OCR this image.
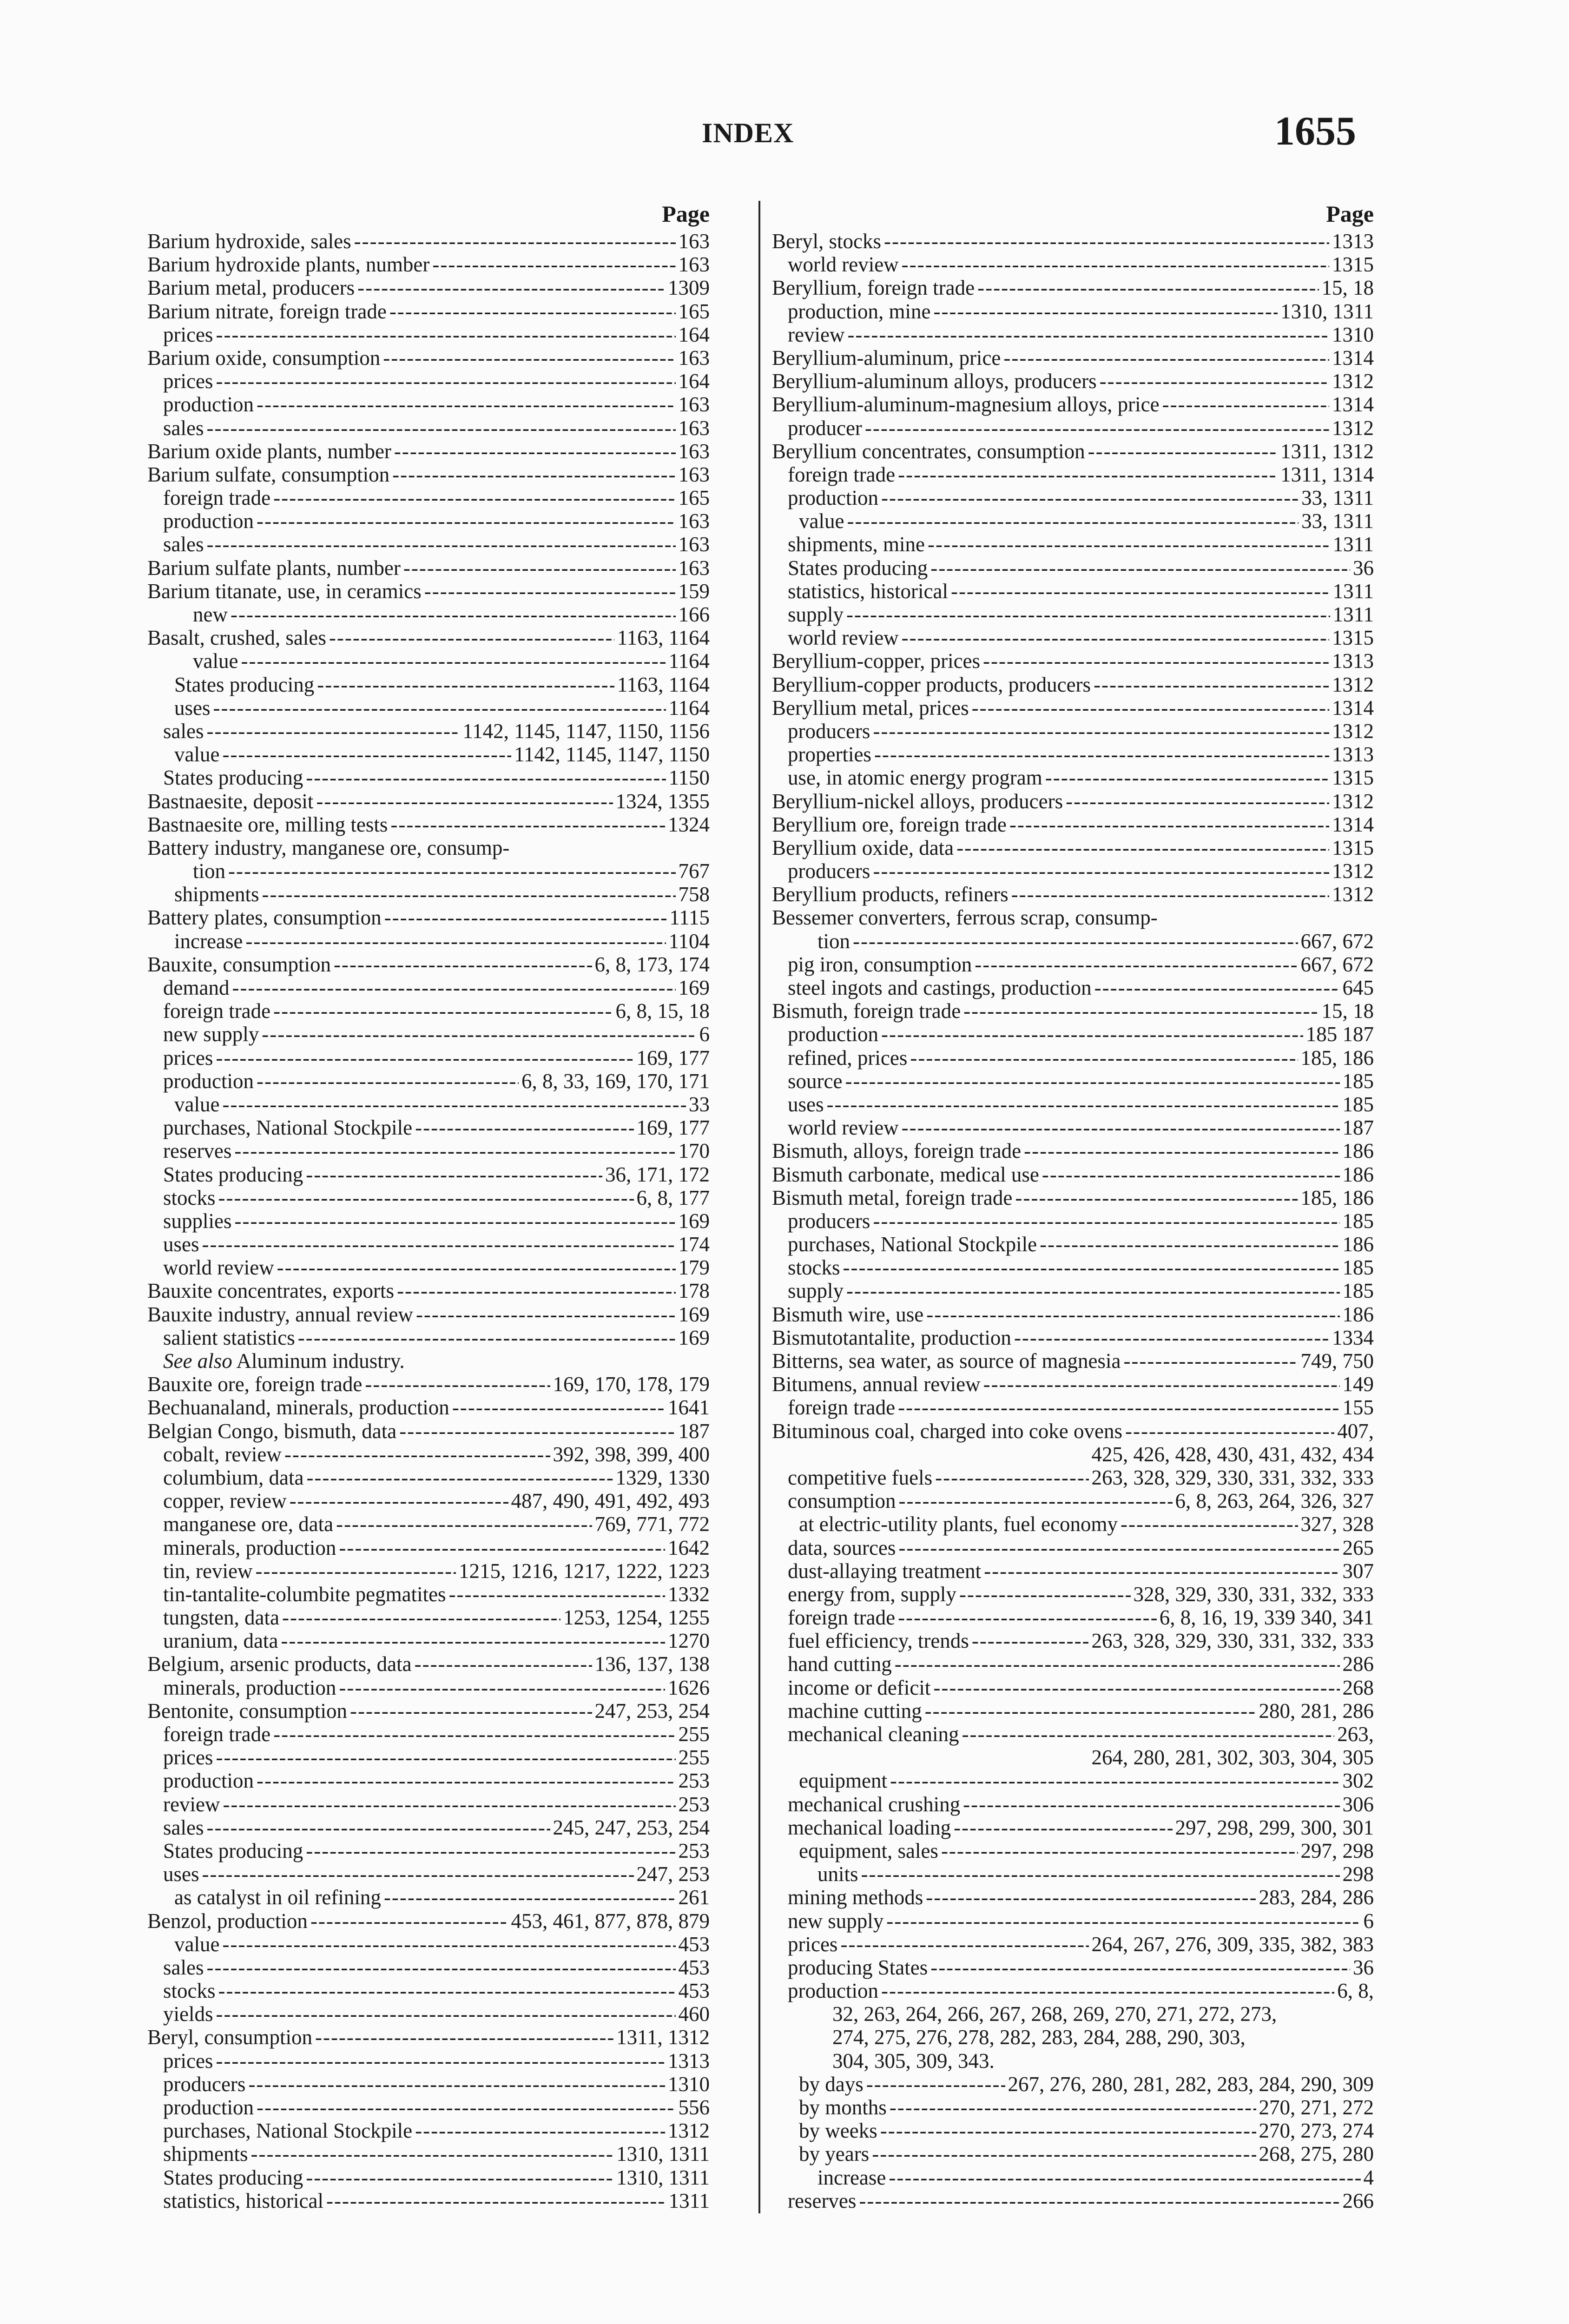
INDEX	1655
Page
Barium hydroxide, sales -----	163
Barium hydroxide plants, number -----	163
Barium metal, producers -----	1309
Barium nitrate, foreign trade -----	165
prices -----	164
Barium oxide, consumption -----	163
prices -----	164
production -----	163
sales -----	163
Barium oxide plants, number -----	163
Barium sulfate, consumption -----	163
foreign trade -----	165
production -----	163
sales -----	163
Barium sulfate plants, number -----	163
Barium titanate, use, in ceramics -----	159
new -----	166
Basalt, crushed, sales -----	1163, 1164
value -----	1164
States producing -----	1163, 1164
uses -----	1164
sales -----	1142, 1145, 1147, 1150, 1156
value -----	1142, 1145, 1147, 1150
States producing -----	1150
Bastnaesite, deposit -----	1324, 1355
Bastnaesite ore, milling tests -----	1324
Battery industry, manganese ore, consump-
tion -----	767
shipments -----	758
Battery plates, consumption -----	1115
increase -----	1104
Bauxite, consumption -----	6, 8, 173, 174
demand -----	169
foreign trade -----	6, 8, 15, 18
new supply -----	6
prices -----	169, 177
production -----	6, 8, 33, 169, 170, 171
value -----	33
purchases, National Stockpile -----	169, 177
reserves -----	170
States producing -----	36, 171, 172
stocks -----	6, 8, 177
supplies -----	169
uses -----	174
world review -----	179
Bauxite concentrates, exports -----	178
Bauxite industry, annual review -----	169
salient statistics -----	169
See also Aluminum industry.
Bauxite ore, foreign trade -----	169, 170, 178, 179
Bechuanaland, minerals, production -----	1641
Belgian Congo, bismuth, data -----	187
cobalt, review -----	392, 398, 399, 400
columbium, data -----	1329, 1330
copper, review -----	487, 490, 491, 492, 493
manganese ore, data -----	769, 771, 772
minerals, production -----	1642
tin, review -----	1215, 1216, 1217, 1222, 1223
tin-tantalite-columbite pegmatites -----	1332
tungsten, data -----	1253, 1254, 1255
uranium, data -----	1270
Belgium, arsenic products, data -----	136, 137, 138
minerals, production -----	1626
Bentonite, consumption -----	247, 253, 254
foreign trade -----	255
prices -----	255
production -----	253
review -----	253
sales -----	245, 247, 253, 254
States producing -----	253
uses -----	247, 253
as catalyst in oil refining -----	261
Benzol, production -----	453, 461, 877, 878, 879
value -----	453
sales -----	453
stocks -----	453
yields -----	460
Beryl, consumption -----	1311, 1312
prices -----	1313
producers -----	1310
production -----	556
purchases, National Stockpile -----	1312
shipments -----	1310, 1311
States producing -----	1310, 1311
statistics, historical -----	1311
Page
Beryl, stocks -----	1313
world review -----	1315
Beryllium, foreign trade -----	15, 18
production, mine -----	1310, 1311
review -----	1310
Beryllium-aluminum, price -----	1314
Beryllium-aluminum alloys, producers -----	1312
Beryllium-aluminum-magnesium alloys, price -----	1314
producer -----	1312
Beryllium concentrates, consumption -----	1311, 1312
foreign trade -----	1311, 1314
production -----	33, 1311
value -----	33, 1311
shipments, mine -----	1311
States producing -----	36
statistics, historical -----	1311
supply -----	1311
world review -----	1315
Beryllium-copper, prices -----	1313
Beryllium-copper products, producers -----	1312
Beryllium metal, prices -----	1314
producers -----	1312
properties -----	1313
use, in atomic energy program -----	1315
Beryllium-nickel alloys, producers -----	1312
Beryllium ore, foreign trade -----	1314
Beryllium oxide, data -----	1315
producers -----	1312
Beryllium products, refiners -----	1312
Bessemer converters, ferrous scrap, consump-
tion -----	667, 672
pig iron, consumption -----	667, 672
steel ingots and castings, production -----	645
Bismuth, foreign trade -----	15, 18
production -----	185 187
refined, prices -----	185, 186
source -----	185
uses -----	185
world review -----	187
Bismuth, alloys, foreign trade -----	186
Bismuth carbonate, medical use -----	186
Bismuth metal, foreign trade -----	185, 186
producers -----	185
purchases, National Stockpile -----	186
stocks -----	185
supply -----	185
Bismuth wire, use -----	186
Bismutotantalite, production -----	1334
Bitterns, sea water, as source of magnesia -----	749, 750
Bitumens, annual review -----	149
foreign trade -----	155
Bituminous coal, charged into coke ovens -----	407,
425, 426, 428, 430, 431, 432, 434
competitive fuels -----	263, 328, 329, 330, 331, 332, 333
consumption -----	6, 8, 263, 264, 326, 327
at electric-utility plants, fuel economy -----	327, 328
data, sources -----	265
dust-allaying treatment -----	307
energy from, supply -----	328, 329, 330, 331, 332, 333
foreign trade -----	6, 8, 16, 19, 339 340, 341
fuel efficiency, trends -----	263, 328, 329, 330, 331, 332, 333
hand cutting -----	286
income or deficit -----	268
machine cutting -----	280, 281, 286
mechanical cleaning -----	263,
264, 280, 281, 302, 303, 304, 305
equipment -----	302
mechanical crushing -----	306
mechanical loading -----	297, 298, 299, 300, 301
equipment, sales -----	297, 298
units -----	298
mining methods -----	283, 284, 286
new supply -----	6
prices -----	264, 267, 276, 309, 335, 382, 383
producing States -----	36
production -----	6, 8,
32, 263, 264, 266, 267, 268, 269, 270, 271, 272, 273,
274, 275, 276, 278, 282, 283, 284, 288, 290, 303,
304, 305, 309, 343.
by days -----	267, 276, 280, 281, 282, 283, 284, 290, 309
by months -----	270, 271, 272
by weeks -----	270, 273, 274
by years -----	268, 275, 280
increase -----	4
reserves -----	266
